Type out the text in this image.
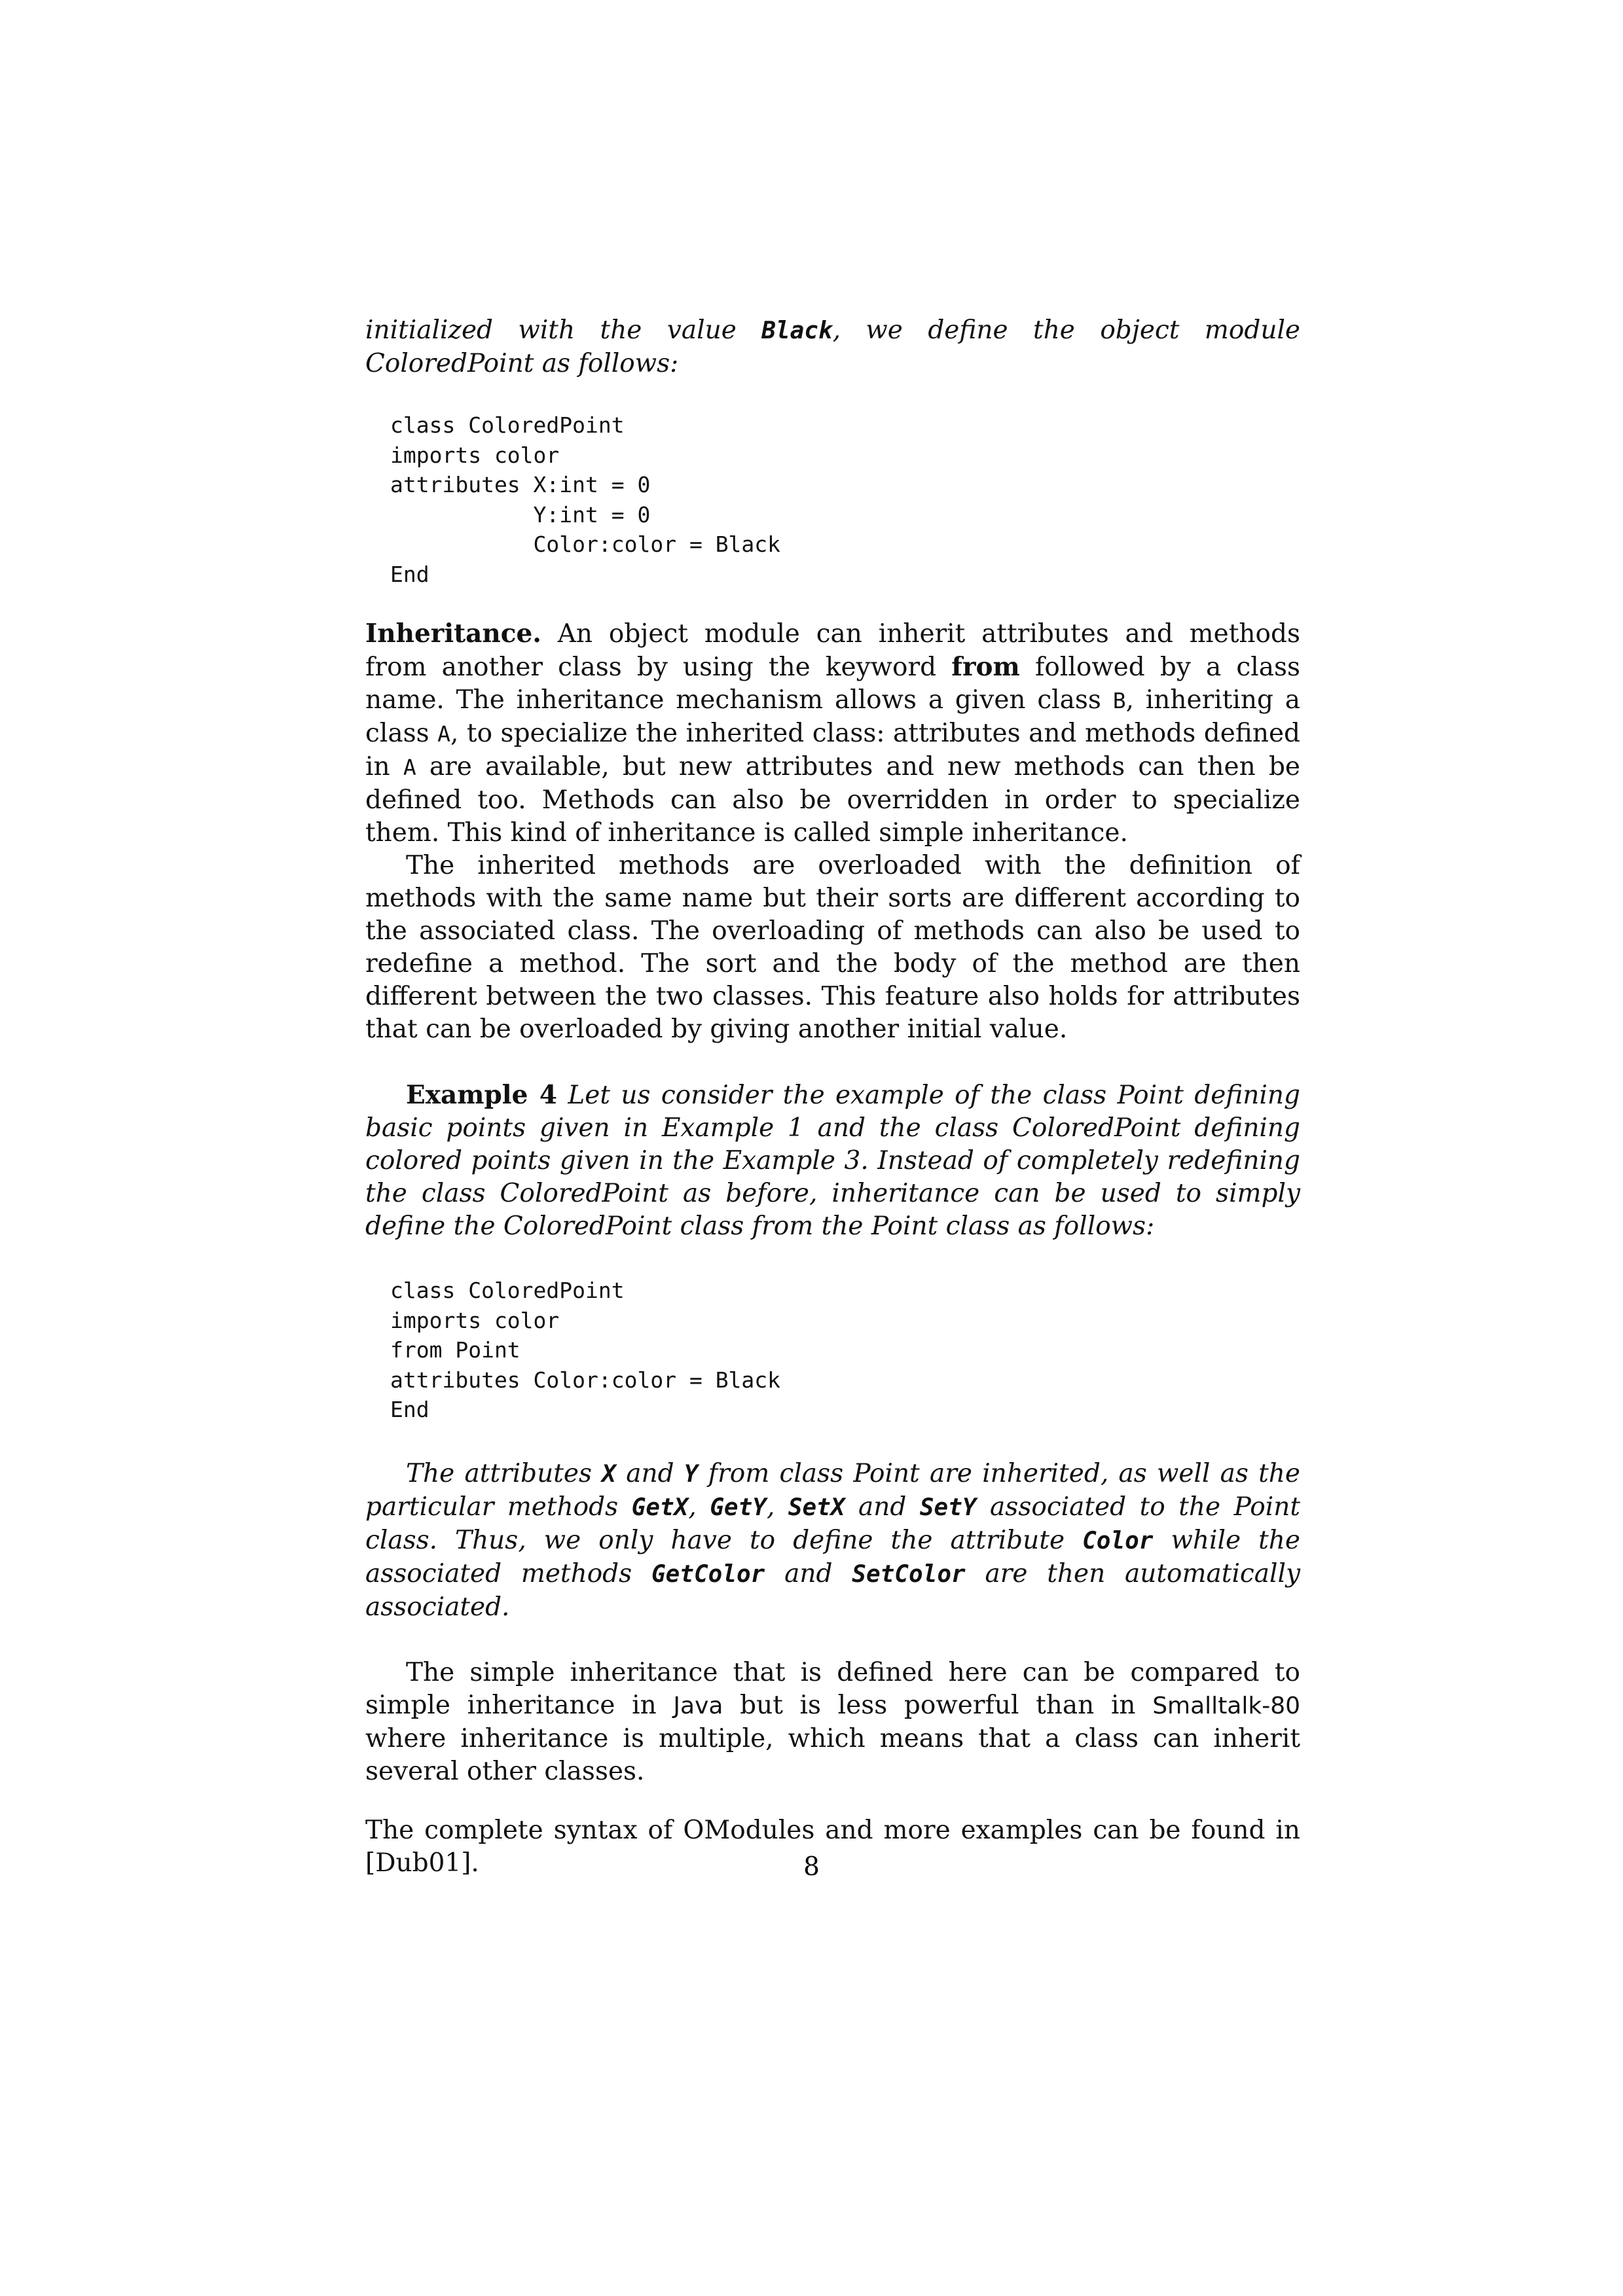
initialized with the value Black, we define the object module ColoredPoint as follows:

class ColoredPoint
imports color
attributes X:int = 0
Y:int = 0
Color:color = Black
End

Inheritance. An object module can inherit attributes and methods from another class by using the keyword from followed by a class name. The inheritance mechanism allows a given class B, inheriting a class A, to specialize the inherited class: attributes and methods defined in A are available, but new attributes and new methods can then be defined too. Methods can also be overridden in order to specialize them. This kind of inheritance is called simple inheritance.

The inherited methods are overloaded with the definition of methods with the same name but their sorts are different according to the associated class. The overloading of methods can also be used to redefine a method. The sort and the body of the method are then different between the two classes. This feature also holds for attributes that can be overloaded by giving another initial value.

Example 4 Let us consider the example of the class Point defining basic points given in Example 1 and the class ColoredPoint defining colored points given in the Example 3. Instead of completely redefining the class ColoredPoint as before, inheritance can be used to simply define the ColoredPoint class from the Point class as follows:

class ColoredPoint
imports color
from Point
attributes Color:color = Black
End

The attributes X and Y from class Point are inherited, as well as the particular methods GetX, GetY, SetX and SetY associated to the Point class. Thus, we only have to define the attribute Color while the associated methods GetColor and SetColor are then automatically associated.

The simple inheritance that is defined here can be compared to simple inheritance in Java but is less powerful than in Smalltalk-80 where inheritance is multiple, which means that a class can inherit several other classes.

The complete syntax of OModules and more examples can be found in [Dub01].	8
